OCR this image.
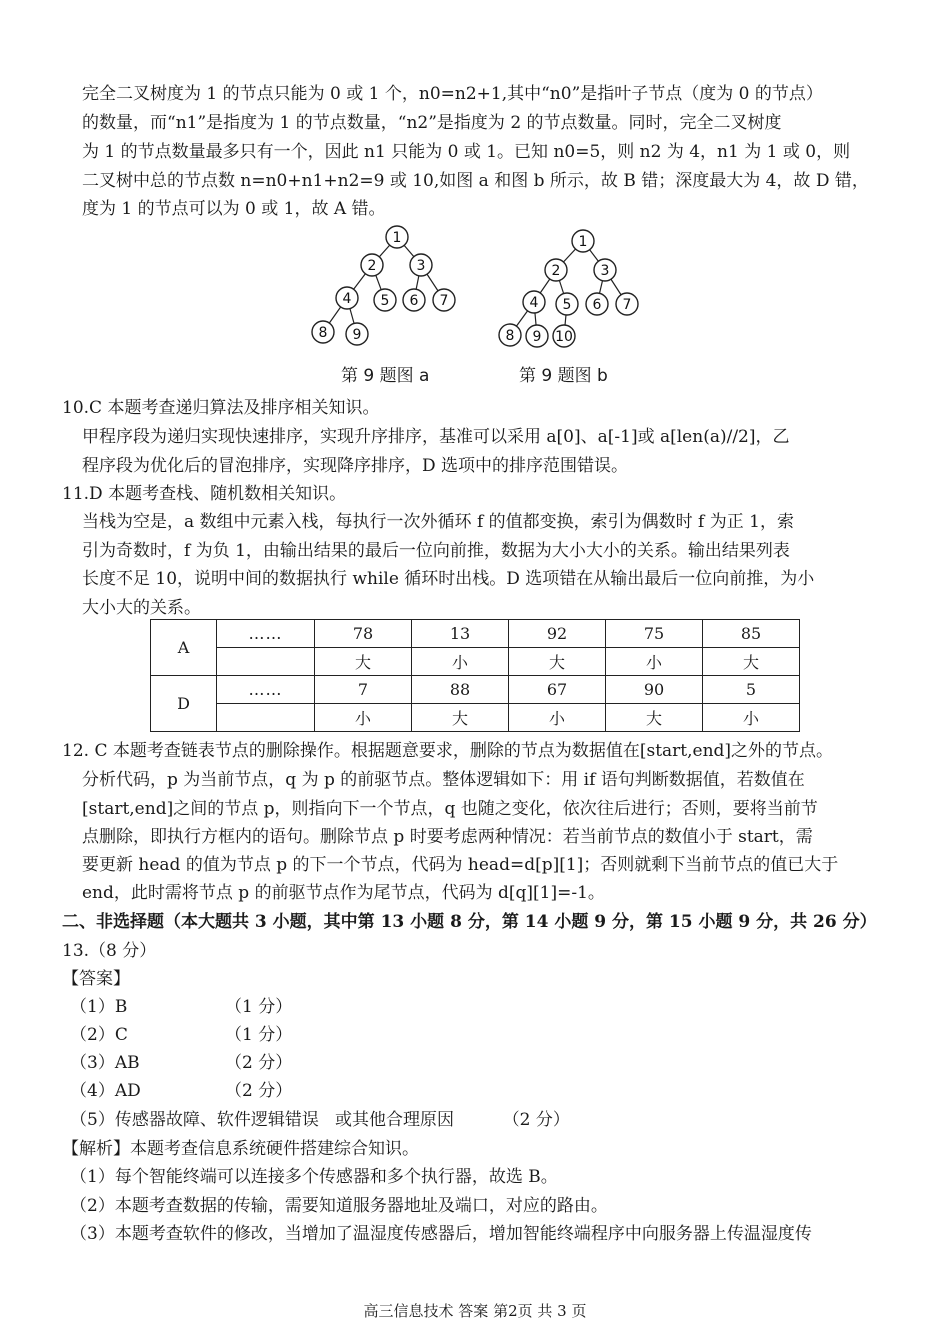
完全二叉树度为 1 的节点只能为 0 或 1 个，n0=n2+1,其中“n0”是指叶子节点（度为 0 的节点）
的数量，而“n1”是指度为 1 的节点数量，“n2”是指度为 2 的节点数量。同时，完全二叉树度
为 1 的节点数量最多只有一个，因此 n1 只能为 0 或 1。已知 n0=5，则 n2 为 4，n1 为 1 或 0，则
二叉树中总的节点数 n=n0+n1+n2=9 或 10,如图 a 和图 b 所示，故 B 错；深度最大为 4，故 D 错，
度为 1 的节点可以为 0 或 1，故 A 错。
1
2	3
4 5 6 7
8 9
第 9 题图 a
1
2	3
4 5 6 7
8 9 10
第 9 题图 b
10.C 本题考查递归算法及排序相关知识。
甲程序段为递归实现快速排序，实现升序排序，基准可以采用 a[0]、a[-1]或 a[len(a)//2]，乙
程序段为优化后的冒泡排序，实现降序排序，D 选项中的排序范围错误。
11.D 本题考查栈、随机数相关知识。
当栈为空是，a 数组中元素入栈，每执行一次外循环 f 的值都变换，索引为偶数时 f 为正 1，索
引为奇数时，f 为负 1，由输出结果的最后一位向前推，数据为大小大小的关系。输出结果列表
长度不足 10，说明中间的数据执行 while 循环时出栈。D 选项错在从输出最后一位向前推，为小
大小大的关系。
A	……	78	13	92	75	85
		大	小	大	小	大
D	……	7	88	67	90	5
		小	大	小	大	小
12. C 本题考查链表节点的删除操作。根据题意要求，删除的节点为数据值在[start,end]之外的节点。
分析代码，p 为当前节点，q 为 p 的前驱节点。整体逻辑如下：用 if 语句判断数据值，若数值在
[start,end]之间的节点 p，则指向下一个节点，q 也随之变化，依次往后进行；否则，要将当前节
点删除，即执行方框内的语句。删除节点 p 时要考虑两种情况：若当前节点的数值小于 start，需
要更新 head 的值为节点 p 的下一个节点，代码为 head=d[p][1]；否则就剩下当前节点的值已大于
end，此时需将节点 p 的前驱节点作为尾节点，代码为 d[q][1]=-1。
二、非选择题（本大题共 3 小题，其中第 13 小题 8 分，第 14 小题 9 分，第 15 小题 9 分，共 26 分）
13.（8 分）
【答案】
（1）B	（1 分）
（2）C	（1 分）
（3）AB	（2 分）
（4）AD	（2 分）
（5）传感器故障、软件逻辑错误   或其他合理原因         （2 分）
【解析】本题考查信息系统硬件搭建综合知识。
（1）每个智能终端可以连接多个传感器和多个执行器，故选 B。
（2）本题考查数据的传输，需要知道服务器地址及端口，对应的路由。
（3）本题考查软件的修改，当增加了温湿度传感器后，增加智能终端程序中向服务器上传温湿度传
高三信息技术 答案 第2页 共 3 页
